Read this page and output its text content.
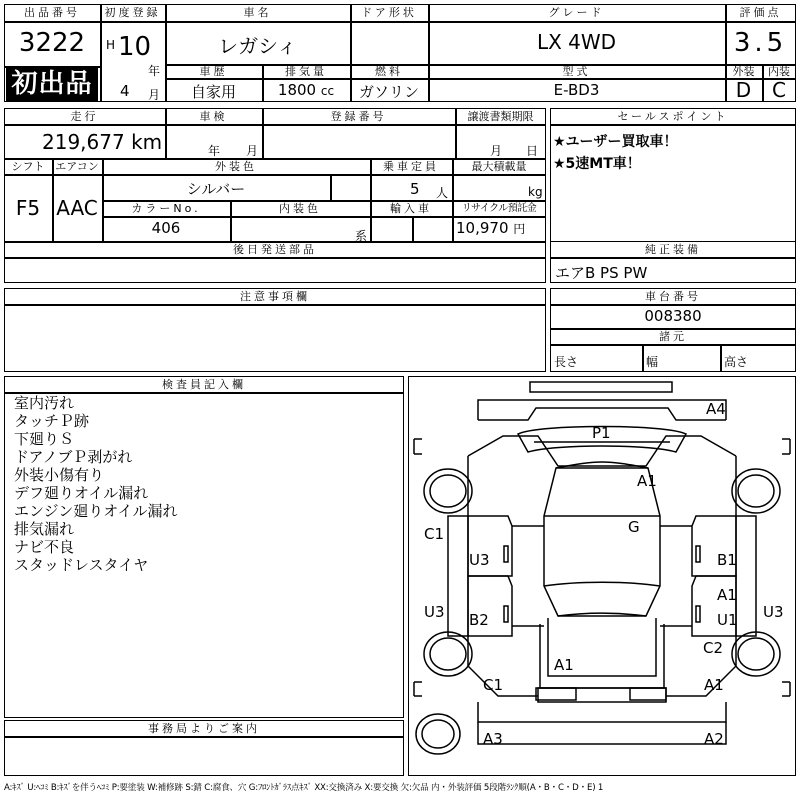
出品番号
3222
初出品
初度登録
H 10
年
4 月
車名
レガシィ
ドア形状	グレード
LX 4WD
評価点
3.5
車歴
自家用
排気量
1800 cc
燃料
ガソリン
型式
E-BD3
外装
D
内装
C
走行
219,677 km
車検
年 月
登録番号	譲渡書類期限
月 日
シフト
F5
エアコン
AAC
外装色
シルバー
乗車定員
5 人
最大積載量
kg
カラーNo.
406
内装色
系
輸入車	リサイクル預託金
10,970 円
後日発送部品
セールスポイント
★ユーザー買取車！
★5速MT車！
純正装備
エアB PS PW
注意事項欄	車台番号
008380
諸元
長さ	幅	高さ
検査員記入欄
室内汚れ
タッチＰ跡
下廻りＳ
ドアノブＰ剥がれ
外装小傷有り
デフ廻りオイル漏れ
エンジン廻りオイル漏れ
排気漏れ
ナビ不良
スタッドレスタイヤ
事務局よりご案内
A4
P1
A1
G
C1
U3	B1
U3 B2
A1
U1 U3
C2
A1
C1	A1
A3	A2
A:ｷｽﾞ U:ﾍｺﾐ B:ｷｽﾞを伴うﾍｺﾐ P:要塗装 W:補修跡 S:錆 C:腐食、穴 G:ﾌﾛﾝﾄｶﾞﾗｽ点ｷｽﾞ XX:交換済み X:要交換 欠:欠品 内・外装評価 5段階ﾗﾝｸ順(A・B・C・D・E) 1
